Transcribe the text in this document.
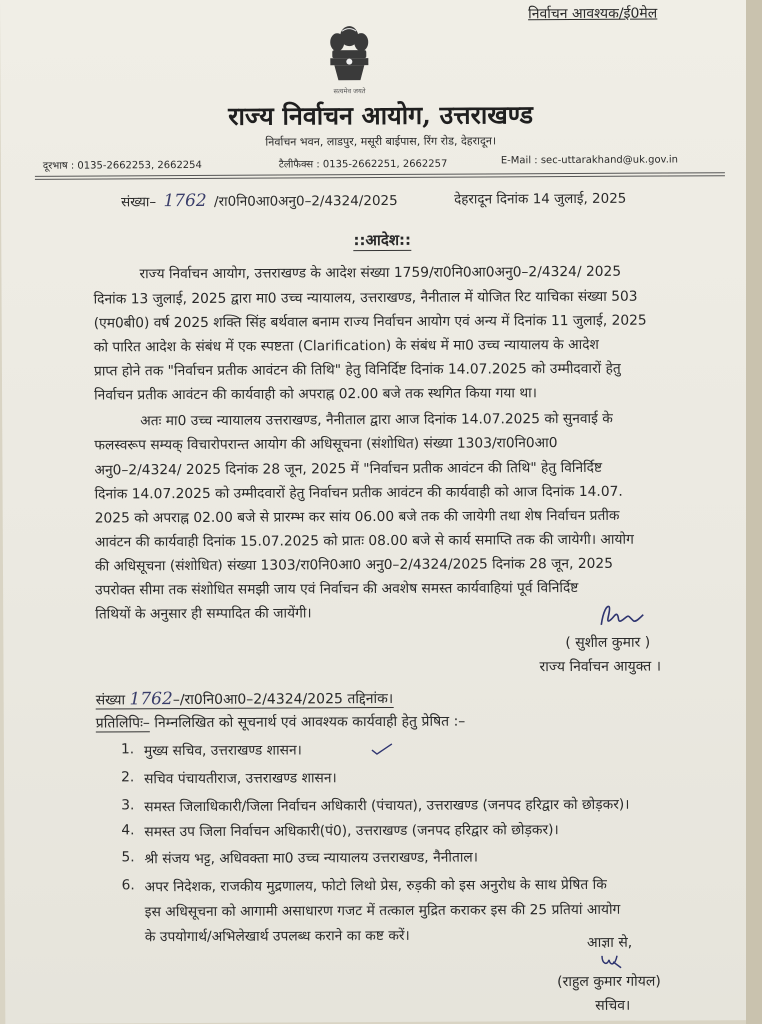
निर्वाचन आवश्यक/ई0मेल
सत्यमेव जयते
राज्य निर्वाचन आयोग, उत्तराखण्ड
निर्वाचन भवन, लाडपुर, मसूरी बाईपास, रिंग रोड, देहरादून।
दूरभाष : 0135-2662253, 2662254	टैलीफैक्स : 0135-2662251, 2662257	E-Mail : sec-uttarakhand@uk.gov.in
संख्या– 1762 /रा0नि0आ0अनु0–2/4324/2025	देहरादून दिनांक 14 जुलाई, 2025
::आदेश::
राज्य निर्वाचन आयोग, उत्तराखण्ड के आदेश संख्या 1759/रा0नि0आ0अनु0–2/4324/ 2025
दिनांक 13 जुलाई, 2025 द्वारा मा0 उच्च न्यायालय, उत्तराखण्ड, नैनीताल में योजित रिट याचिका संख्या 503
(एम0बी0) वर्ष 2025 शक्ति सिंह बर्थवाल बनाम राज्य निर्वाचन आयोग एवं अन्य में दिनांक 11 जुलाई, 2025
को पारित आदेश के संबंध में एक स्पष्टता (Clarification) के संबंध में मा0 उच्च न्यायालय के आदेश
प्राप्त होने तक "निर्वाचन प्रतीक आवंटन की तिथि" हेतु विनिर्दिष्ट दिनांक 14.07.2025 को उम्मीदवारों हेतु
निर्वाचन प्रतीक आवंटन की कार्यवाही को अपराह्न 02.00 बजे तक स्थगित किया गया था।
अतः मा0 उच्च न्यायालय उत्तराखण्ड, नैनीताल द्वारा आज दिनांक 14.07.2025 को सुनवाई के
फलस्वरूप सम्यक् विचारोपरान्त आयोग की अधिसूचना (संशोधित) संख्या 1303/रा0नि0आ0
अनु0–2/4324/ 2025 दिनांक 28 जून, 2025 में "निर्वाचन प्रतीक आवंटन की तिथि" हेतु विनिर्दिष्ट
दिनांक 14.07.2025 को उम्मीदवारों हेतु निर्वाचन प्रतीक आवंटन की कार्यवाही को आज दिनांक 14.07.
2025 को अपराह्न 02.00 बजे से प्रारम्भ कर सांय 06.00 बजे तक की जायेगी तथा शेष निर्वाचन प्रतीक
आवंटन की कार्यवाही दिनांक 15.07.2025 को प्रातः 08.00 बजे से कार्य समाप्ति तक की जायेगी। आयोग
की अधिसूचना (संशोधित) संख्या 1303/रा0नि0आ0 अनु0–2/4324/2025 दिनांक 28 जून, 2025
उपरोक्त सीमा तक संशोधित समझी जाय एवं निर्वाचन की अवशेष समस्त कार्यवाहियां पूर्व विनिर्दिष्ट
तिथियों के अनुसार ही सम्पादित की जायेंगी।
( सुशील कुमार )
राज्य निर्वाचन आयुक्त ।
संख्या 1762–/रा0नि0आ0–2/4324/2025 तद्दिनांक।
प्रतिलिपिः– निम्नलिखित को सूचनार्थ एवं आवश्यक कार्यवाही हेतु प्रेषित :–
1. मुख्य सचिव, उत्तराखण्ड शासन।
2. सचिव पंचायतीराज, उत्तराखण्ड शासन।
3. समस्त जिलाधिकारी/जिला निर्वाचन अधिकारी (पंचायत), उत्तराखण्ड (जनपद हरिद्वार को छोड़कर)।
4. समस्त उप जिला निर्वाचन अधिकारी(पं0), उत्तराखण्ड (जनपद हरिद्वार को छोड़कर)।
5. श्री संजय भट्ट, अधिवक्ता मा0 उच्च न्यायालय उत्तराखण्ड, नैनीताल।
6. अपर निदेशक, राजकीय मुद्रणालय, फोटो लिथो प्रेस, रुड़की को इस अनुरोध के साथ प्रेषित कि
इस अधिसूचना को आगामी असाधारण गजट में तत्काल मुद्रित कराकर इस की 25 प्रतियां आयोग
के उपयोगार्थ/अभिलेखार्थ उपलब्ध कराने का कष्ट करें।	आज्ञा से,
(राहुल कुमार गोयल)
सचिव।
